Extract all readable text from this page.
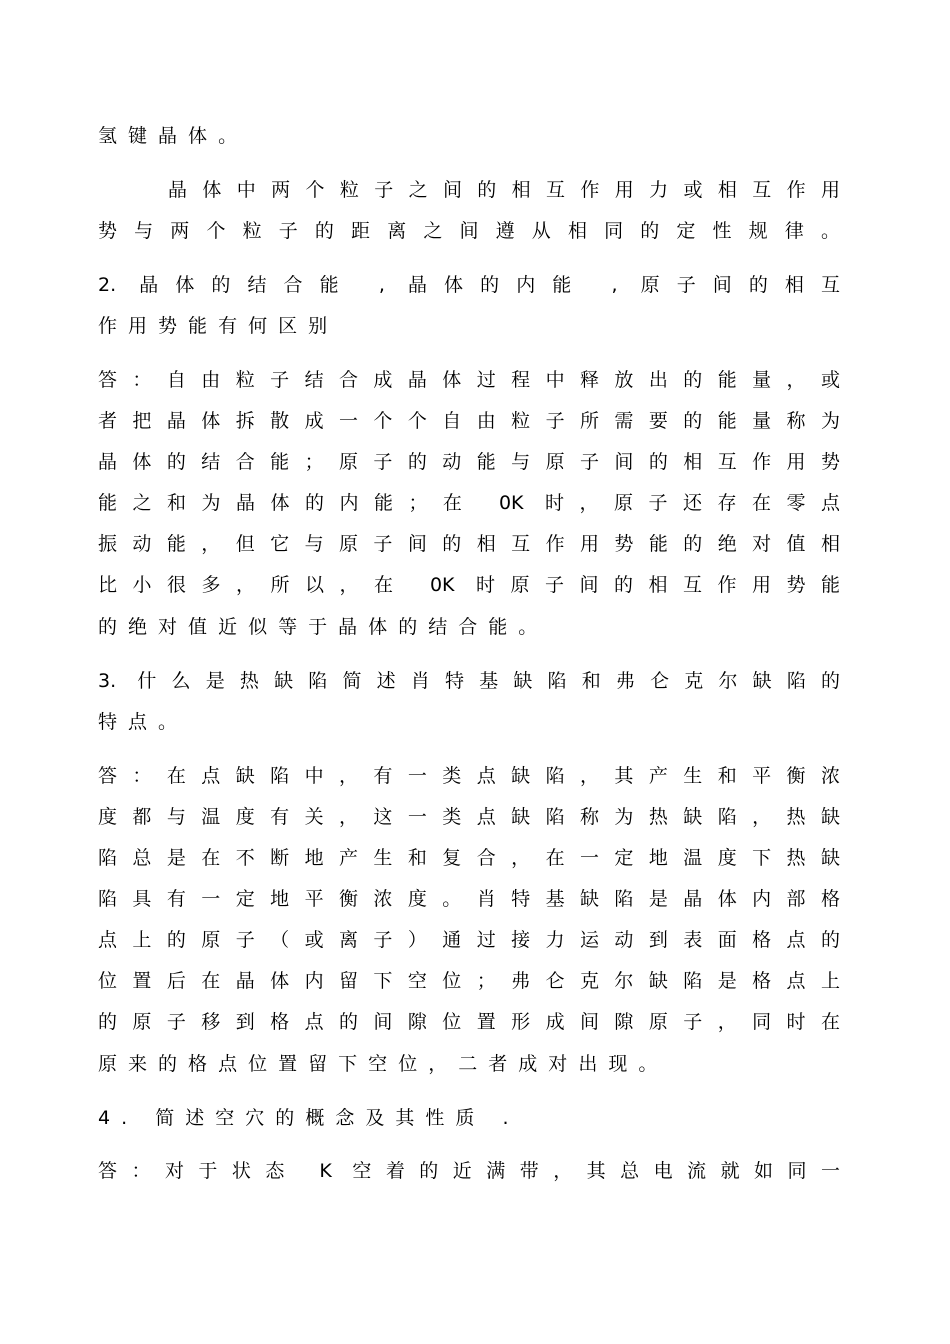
氢键晶体。
晶体中两个粒子之间的相互作用力或相互作用
势与两个粒子的距离之间遵从相同的定性规律。
2. 晶体的结合能 , 晶体的内能 , 原子间的相互
作用势能有何区别
答：自由粒子结合成晶体过程中释放出的能量，或
者把晶体拆散成一个个自由粒子所需要的能量称为
晶体的结合能；原子的动能与原子间的相互作用势
能之和为晶体的内能；在 0K 时，原子还存在零点
振动能，但它与原子间的相互作用势能的绝对值相
比小很多，所以，在 0K 时原子间的相互作用势能
的绝对值近似等于晶体的结合能。
3. 什么是热缺陷简述肖特基缺陷和弗仑克尔缺陷的
特点。
答：在点缺陷中，有一类点缺陷，其产生和平衡浓
度都与温度有关，这一类点缺陷称为热缺陷，热缺
陷总是在不断地产生和复合，在一定地温度下热缺
陷具有一定地平衡浓度。肖特基缺陷是晶体内部格
点上的原子（或离子）通过接力运动到表面格点的
位置后在晶体内留下空位；弗仑克尔缺陷是格点上
的原子移到格点的间隙位置形成间隙原子，同时在
原来的格点位置留下空位，二者成对出现。
4. 简述空穴的概念及其性质 .
答：对于状态 K 空着的近满带，其总电流就如同一
